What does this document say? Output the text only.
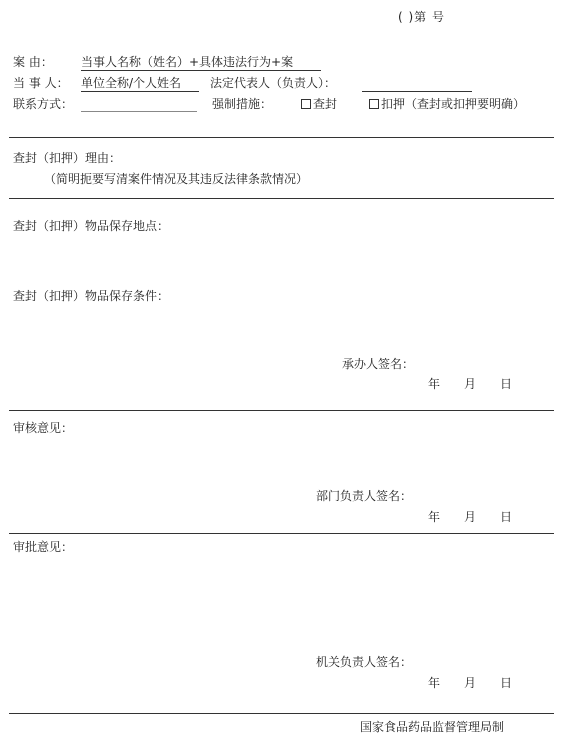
( )第 号
案 由： 当事人名称（姓名）+具体违法行为+案
当 事 人： 单位全称/个人姓名 法定代表人（负责人）：
联系方式：	强制措施：	查封	扣押（查封或扣押要明确）
查封（扣押）理由：
（简明扼要写清案件情况及其违反法律条款情况）
查封（扣押）物品保存地点：
查封（扣押）物品保存条件：
承办人签名：
年 月 日
审核意见：
部门负责人签名：
年 月 日
审批意见：
机关负责人签名：
年 月 日
国家食品药品监督管理局制
